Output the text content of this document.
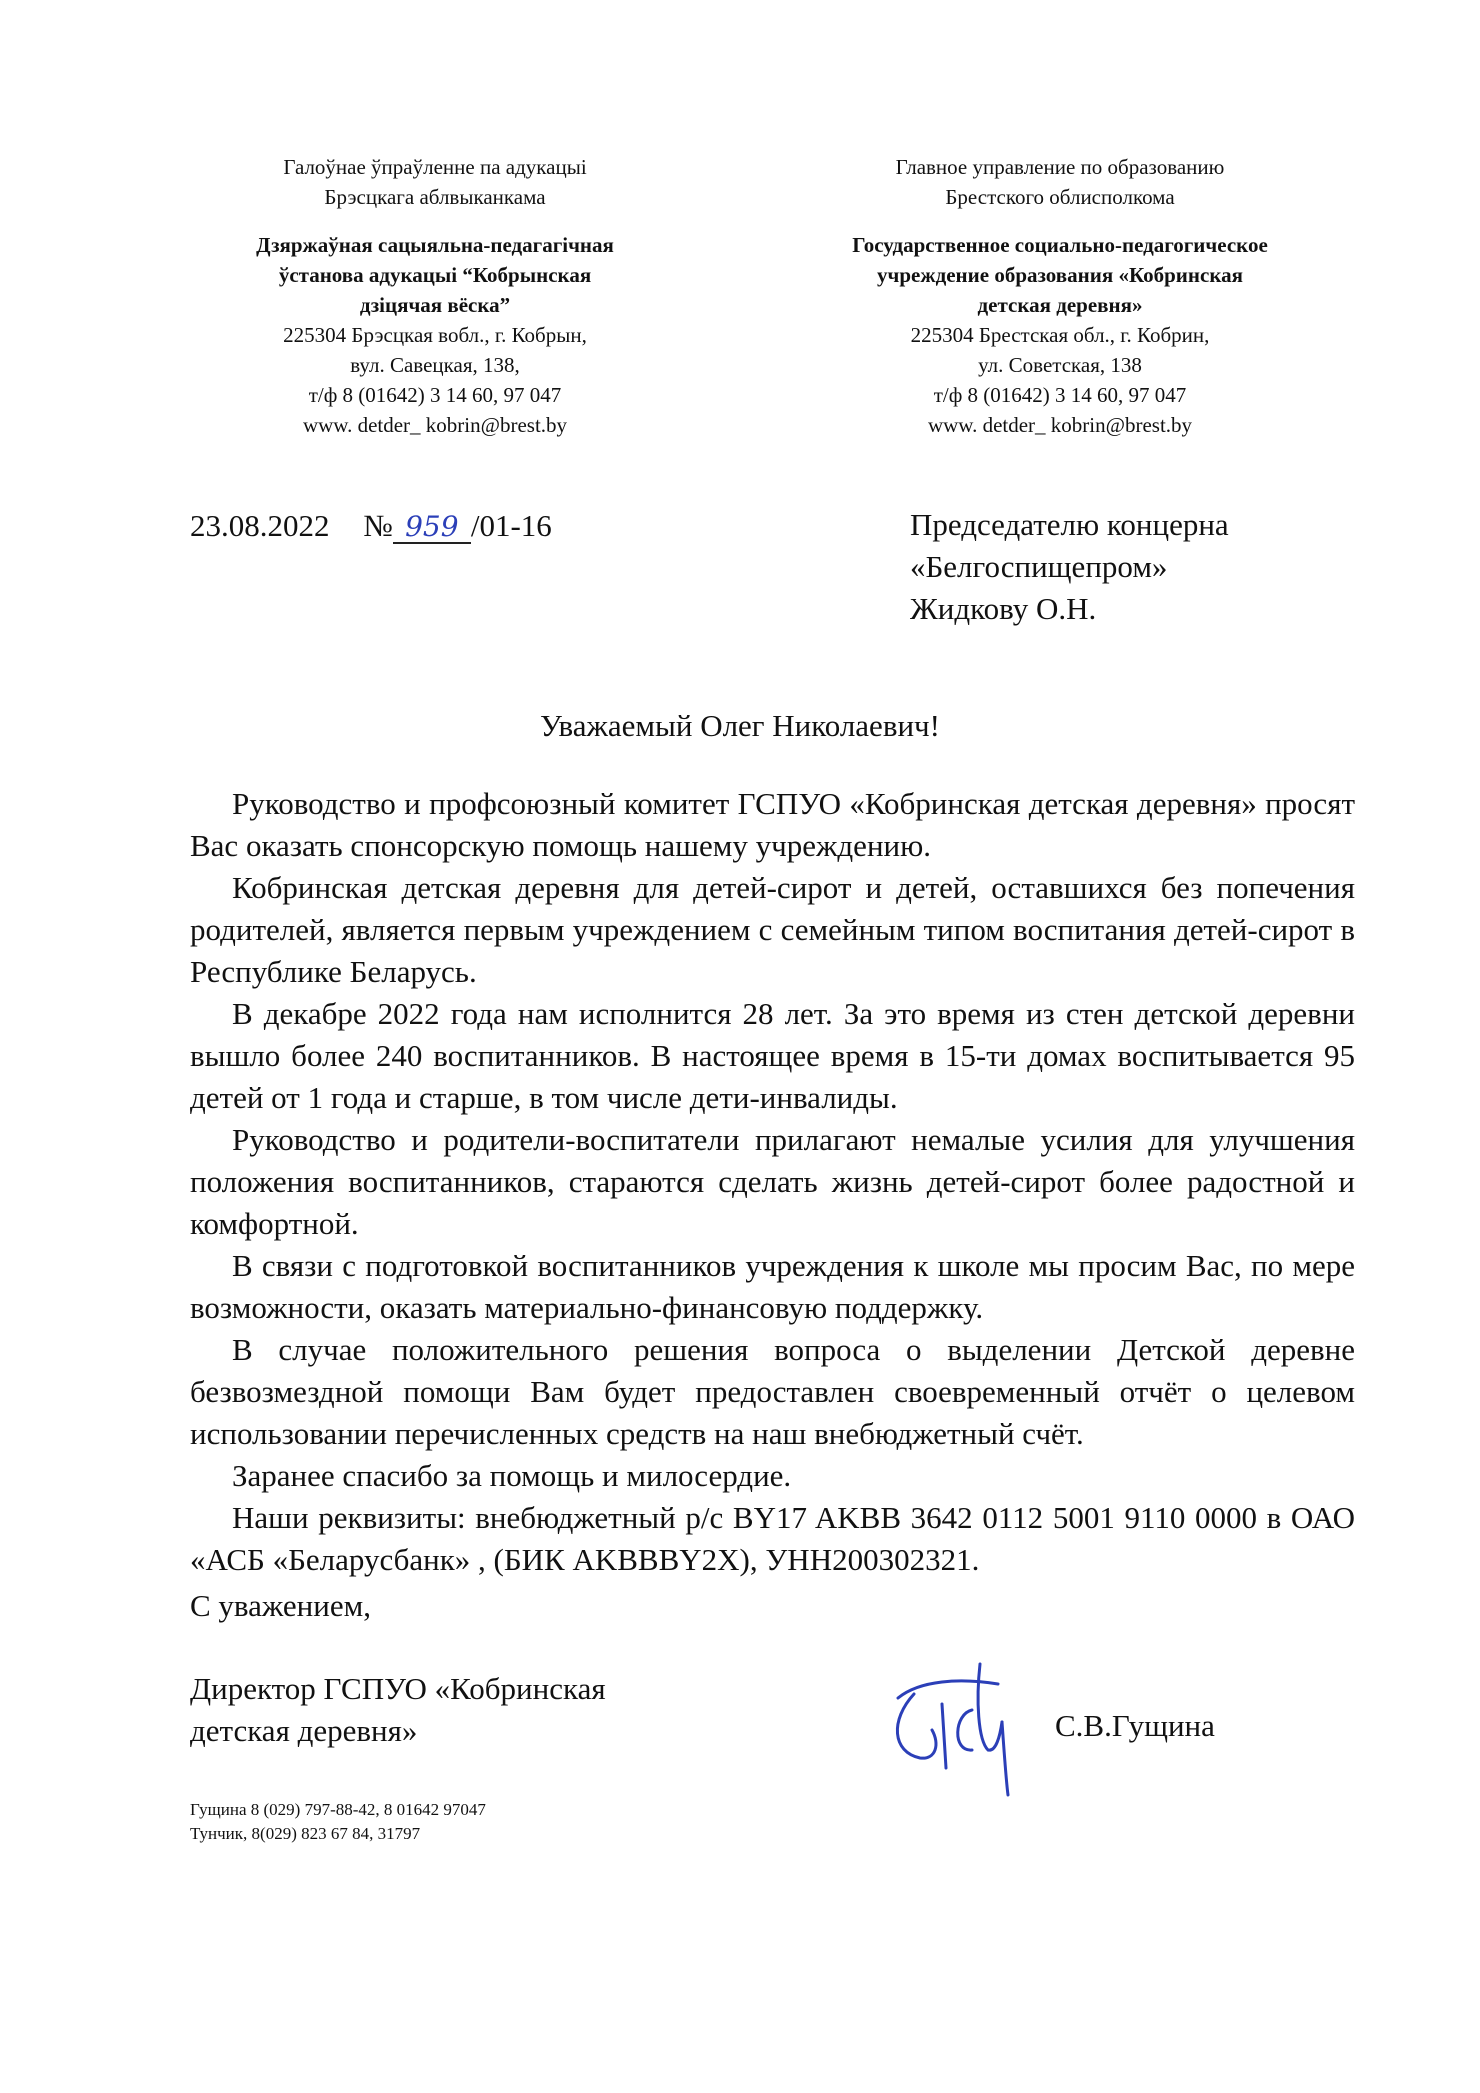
Галоўнае ўпраўленне па адукацыі
Брэсцкага аблвыканкама
Дзяржаўная сацыяльна-педагагічная
ўстанова адукацыі “Кобрынская
дзіцячая вёска”
225304 Брэсцкая вобл., г. Кобрын,
вул. Савецкая, 138,
т/ф 8 (01642) 3 14 60, 97 047
www. detder_ kobrin@brest.by
Главное управление по образованию
Брестского облисполкома
Государственное социально-педагогическое
учреждение образования «Кобринская
детская деревня»
225304 Брестская обл., г. Кобрин,
ул. Советская, 138
т/ф 8 (01642) 3 14 60, 97 047
www. detder_ kobrin@brest.by
23.08.2022 № 959 /01-16	Председателю концерна
«Белгоспищепром»
Жидкову О.Н.
Уважаемый Олег Николаевич!

Руководство и профсоюзный комитет ГСПУО «Кобринская детская деревня» просят Вас оказать спонсорскую помощь нашему учреждению.

Кобринская детская деревня для детей-сирот и детей, оставшихся без попечения родителей, является первым учреждением с семейным типом воспитания детей-сирот в Республике Беларусь.

В декабре 2022 года нам исполнится 28 лет. За это время из стен детской деревни вышло более 240 воспитанников. В настоящее время в 15-ти домах воспитывается 95 детей от 1 года и старше, в том числе дети-инвалиды.

Руководство и родители-воспитатели прилагают немалые усилия для улучшения положения воспитанников, стараются сделать жизнь детей-сирот более радостной и комфортной.

В связи с подготовкой воспитанников учреждения к школе мы просим Вас, по мере возможности, оказать материально-финансовую поддержку.

В случае положительного решения вопроса о выделении Детской деревне безвозмездной помощи Вам будет предоставлен своевременный отчёт о целевом использовании перечисленных средств на наш внебюджетный счёт.

Заранее спасибо за помощь и милосердие.

Наши реквизиты: внебюджетный р/с BY17 AKBB 3642 0112 5001 9110 0000 в ОАО «АСБ «Беларусбанк» , (БИК AKBBBY2X), УНН200302321.

С уважением,
Директор ГСПУО «Кобринская
детская деревня»	С.В.Гущина
Гущина 8 (029) 797-88-42, 8 01642 97047
Тунчик, 8(029) 823 67 84, 31797
